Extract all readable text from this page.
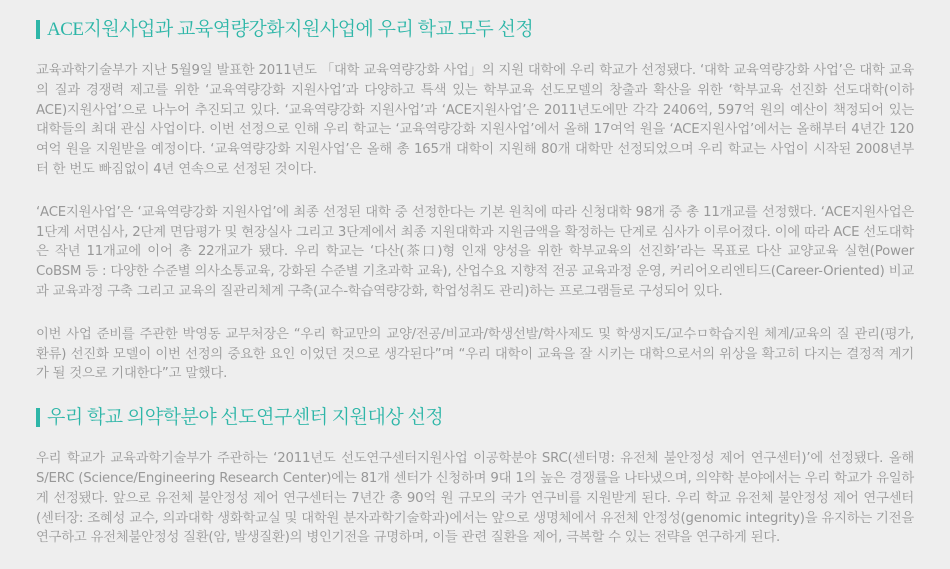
ACE지원사업과 교육역량강화지원사업에 우리 학교 모두 선정

교육과학기술부가 지난 5월9일 발표한 2011년도 「대학 교육역량강화 사업」의 지원 대학에 우리 학교가 선정됐다. ‘대학 교육역량강화 사업’은 대학 교육의 질과 경쟁력 제고를 위한 ‘교육역량강화 지원사업’과 다양하고 특색 있는 학부교육 선도모델의 창출과 확산을 위한 ‘학부교육 선진화 선도대학(이하 ACE)지원사업’으로 나누어 추진되고 있다. ‘교육역량강화 지원사업’과 ‘ACE지원사업’은 2011년도에만 각각 2406억, 597억 원의 예산이 책정되어 있는 대학들의 최대 관심 사업이다. 이번 선정으로 인해 우리 학교는 ‘교육역량강화 지원사업’에서 올해 17여억 원을 ‘ACE지원사업’에서는 올해부터 4년간 120여억 원을 지원받을 예정이다. ‘교육역량강화 지원사업’은 올해 총 165개 대학이 지원해 80개 대학만 선정되었으며 우리 학교는 사업이 시작된 2008년부터 한 번도 빠짐없이 4년 연속으로 선정된 것이다.

‘ACE지원사업’은 ‘교육역량강화 지원사업’에 최종 선정된 대학 중 선정한다는 기본 원칙에 따라 신청대학 98개 중 총 11개교를 선정했다. ‘ACE지원사업은 1단계 서면심사, 2단계 면담평가 및 현장실사 그리고 3단계에서 최종 지원대학과 지원금액을 확정하는 단계로 심사가 이루어졌다. 이에 따라 ACE 선도대학은 작년 11개교에 이어 총 22개교가 됐다. 우리 학교는 ‘다산(茶口)형 인재 양성을 위한 학부교육의 선진화’라는 목표로 다산 교양교육 실현(Power CoBSM 등 : 다양한 수준별 의사소통교육, 강화된 수준별 기초과학 교육), 산업수요 지향적 전공 교육과정 운영, 커리어오리엔티드(Career-Oriented) 비교과 교육과정 구축 그리고 교육의 질관리체계 구축(교수-학습역량강화, 학업성취도 관리)하는 프로그램들로 구성되어 있다.

이번 사업 준비를 주관한 박영동 교무처장은 “우리 학교만의 교양/전공/비교과/학생선발/학사제도 및 학생지도/교수ㅁ학습지원 체계/교육의 질 관리(평가, 환류) 선진화 모델이 이번 선정의 중요한 요인 이었던 것으로 생각된다”며 “우리 대학이 교육을 잘 시키는 대학으로서의 위상을 확고히 다지는 결정적 계기가 될 것으로 기대한다”고 말했다.

우리 학교 의약학분야 선도연구센터 지원대상 선정

우리 학교가 교육과학기술부가 주관하는 ‘2011년도 선도연구센터지원사업 이공학분야 SRC(센터명: 유전체 불안정성 제어 연구센터)’에 선정됐다. 올해 S/ERC (Science/Engineering Research Center)에는 81개 센터가 신청하며 9대 1의 높은 경쟁률을 나타냈으며, 의약학 분야에서는 우리 학교가 유일하게 선정됐다. 앞으로 유전체 불안정성 제어 연구센터는 7년간 총 90억 원 규모의 국가 연구비를 지원받게 된다. 우리 학교 유전체 불안정성 제어 연구센터(센터장: 조혜성 교수, 의과대학 생화학교실 및 대학원 분자과학기술학과)에서는 앞으로 생명체에서 유전체 안정성(genomic integrity)을 유지하는 기전을 연구하고 유전체불안정성 질환(암, 발생질환)의 병인기전을 규명하며, 이들 관련 질환을 제어, 극복할 수 있는 전략을 연구하게 된다.
